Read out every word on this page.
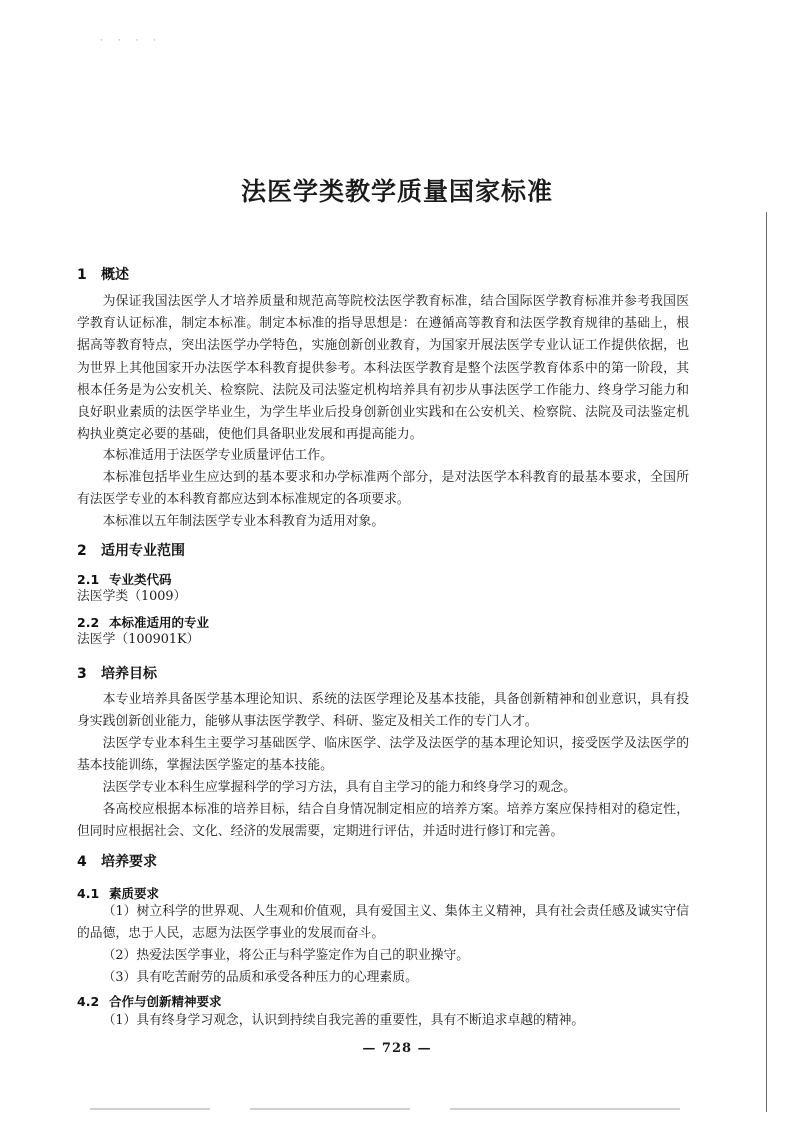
· · · ·
法医学类教学质量国家标准
1 概述

为保证我国法医学人才培养质量和规范高等院校法医学教育标准，结合国际医学教育标准并参考我国医学教育认证标准，制定本标准。制定本标准的指导思想是：在遵循高等教育和法医学教育规律的基础上，根据高等教育特点，突出法医学办学特色，实施创新创业教育，为国家开展法医学专业认证工作提供依据，也为世界上其他国家开办法医学本科教育提供参考。本科法医学教育是整个法医学教育体系中的第一阶段，其根本任务是为公安机关、检察院、法院及司法鉴定机构培养具有初步从事法医学工作能力、终身学习能力和良好职业素质的法医学毕业生，为学生毕业后投身创新创业实践和在公安机关、检察院、法院及司法鉴定机构执业奠定必要的基础，使他们具备职业发展和再提高能力。

本标准适用于法医学专业质量评估工作。

本标准包括毕业生应达到的基本要求和办学标准两个部分，是对法医学本科教育的最基本要求，全国所有法医学专业的本科教育都应达到本标准规定的各项要求。

本标准以五年制法医学专业本科教育为适用对象。

2 适用专业范围
2.1 专业类代码

法医学类（1009）

2.2 本标准适用的专业

法医学（100901K）

3 培养目标

本专业培养具备医学基本理论知识、系统的法医学理论及基本技能，具备创新精神和创业意识，具有投身实践创新创业能力，能够从事法医学教学、科研、鉴定及相关工作的专门人才。

法医学专业本科生主要学习基础医学、临床医学、法学及法医学的基本理论知识，接受医学及法医学的基本技能训练，掌握法医学鉴定的基本技能。

法医学专业本科生应掌握科学的学习方法，具有自主学习的能力和终身学习的观念。

各高校应根据本标准的培养目标，结合自身情况制定相应的培养方案。培养方案应保持相对的稳定性，但同时应根据社会、文化、经济的发展需要，定期进行评估，并适时进行修订和完善。

4 培养要求
4.1 素质要求

（1）树立科学的世界观、人生观和价值观，具有爱国主义、集体主义精神，具有社会责任感及诚实守信的品德，忠于人民，志愿为法医学事业的发展而奋斗。

（2）热爱法医学事业，将公正与科学鉴定作为自己的职业操守。

（3）具有吃苦耐劳的品质和承受各种压力的心理素质。

4.2 合作与创新精神要求

（1）具有终身学习观念，认识到持续自我完善的重要性，具有不断追求卓越的精神。

— 728 —
